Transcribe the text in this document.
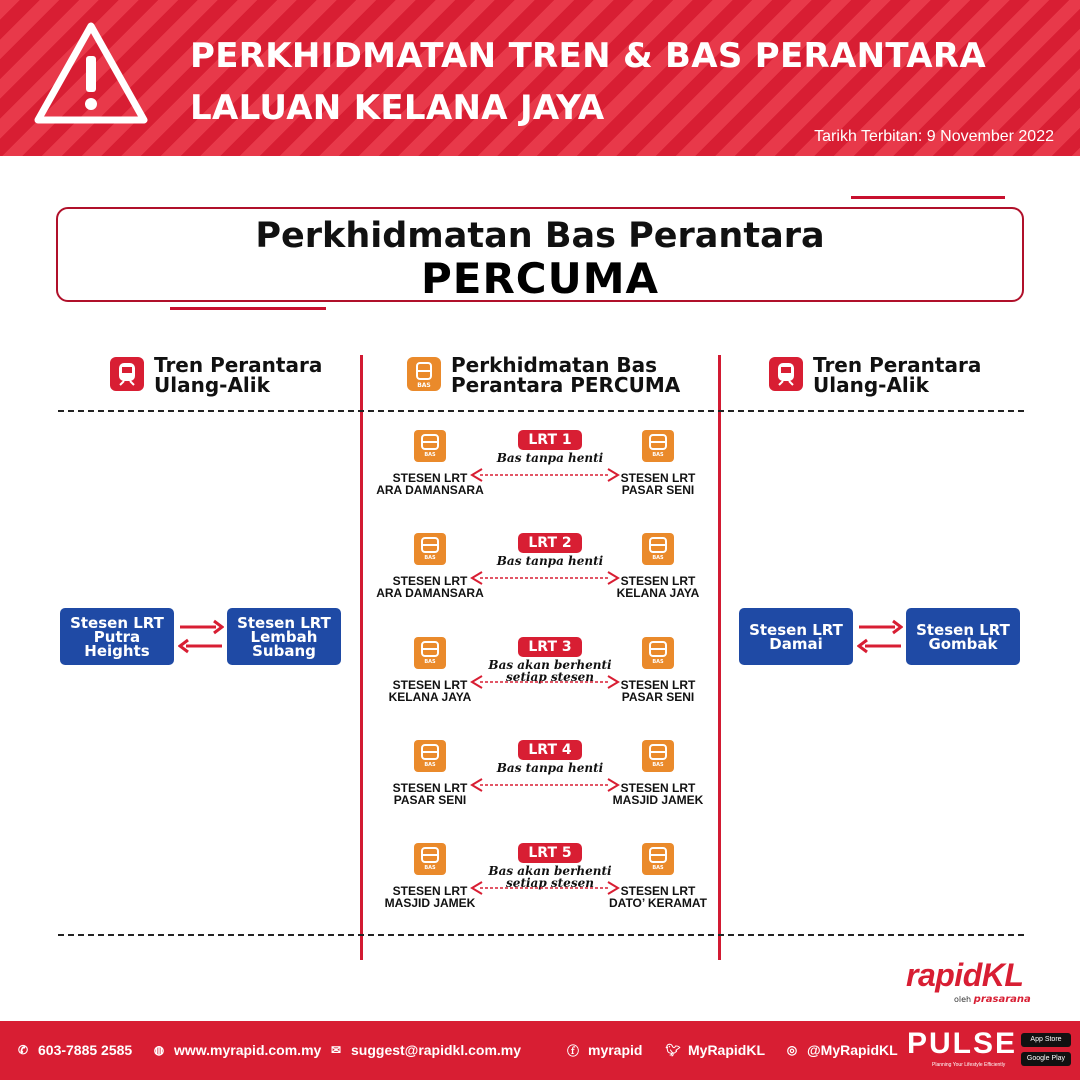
PERKHIDMATAN TREN & BAS PERANTARA
LALUAN KELANA JAYA
Tarikh Terbitan: 9 November 2022
Perkhidmatan Bas Perantara
PERCUMA
Tren Perantara
Ulang-Alik	BAS
Perkhidmatan Bas
Perantara PERCUMA
Tren Perantara
Ulang-Alik
Stesen LRT
Putra
Heights
Stesen LRT
Lembah
Subang
Stesen LRT
Damai
Stesen LRT
Gombak
BAS	BAS
LRT 1
Bas tanpa henti
STESEN LRT
ARA DAMANSARA
STESEN LRT
PASAR SENI
BAS	BAS
LRT 2
Bas tanpa henti
STESEN LRT
ARA DAMANSARA
STESEN LRT
KELANA JAYA
BAS	BAS
LRT 3
Bas akan berhenti
setiap stesen
STESEN LRT
KELANA JAYA
STESEN LRT
PASAR SENI
BAS	BAS
LRT 4
Bas tanpa henti
STESEN LRT
PASAR SENI
STESEN LRT
MASJID JAMEK
BAS	BAS
LRT 5
Bas akan berhenti
setiap stesen
STESEN LRT
MASJID JAMEK
STESEN LRT
DATO’ KERAMAT
rapidKL
oleh prasarana
✆ 603-7885 2585 ◍ www.myrapid.com.my ✉ suggest@rapidkl.com.my	ⓕ myrapid 🐦︎ MyRapidKL ◎ @MyRapidKL PULSE
Planning Your Lifestyle Efficiently
App Store
Google Play
